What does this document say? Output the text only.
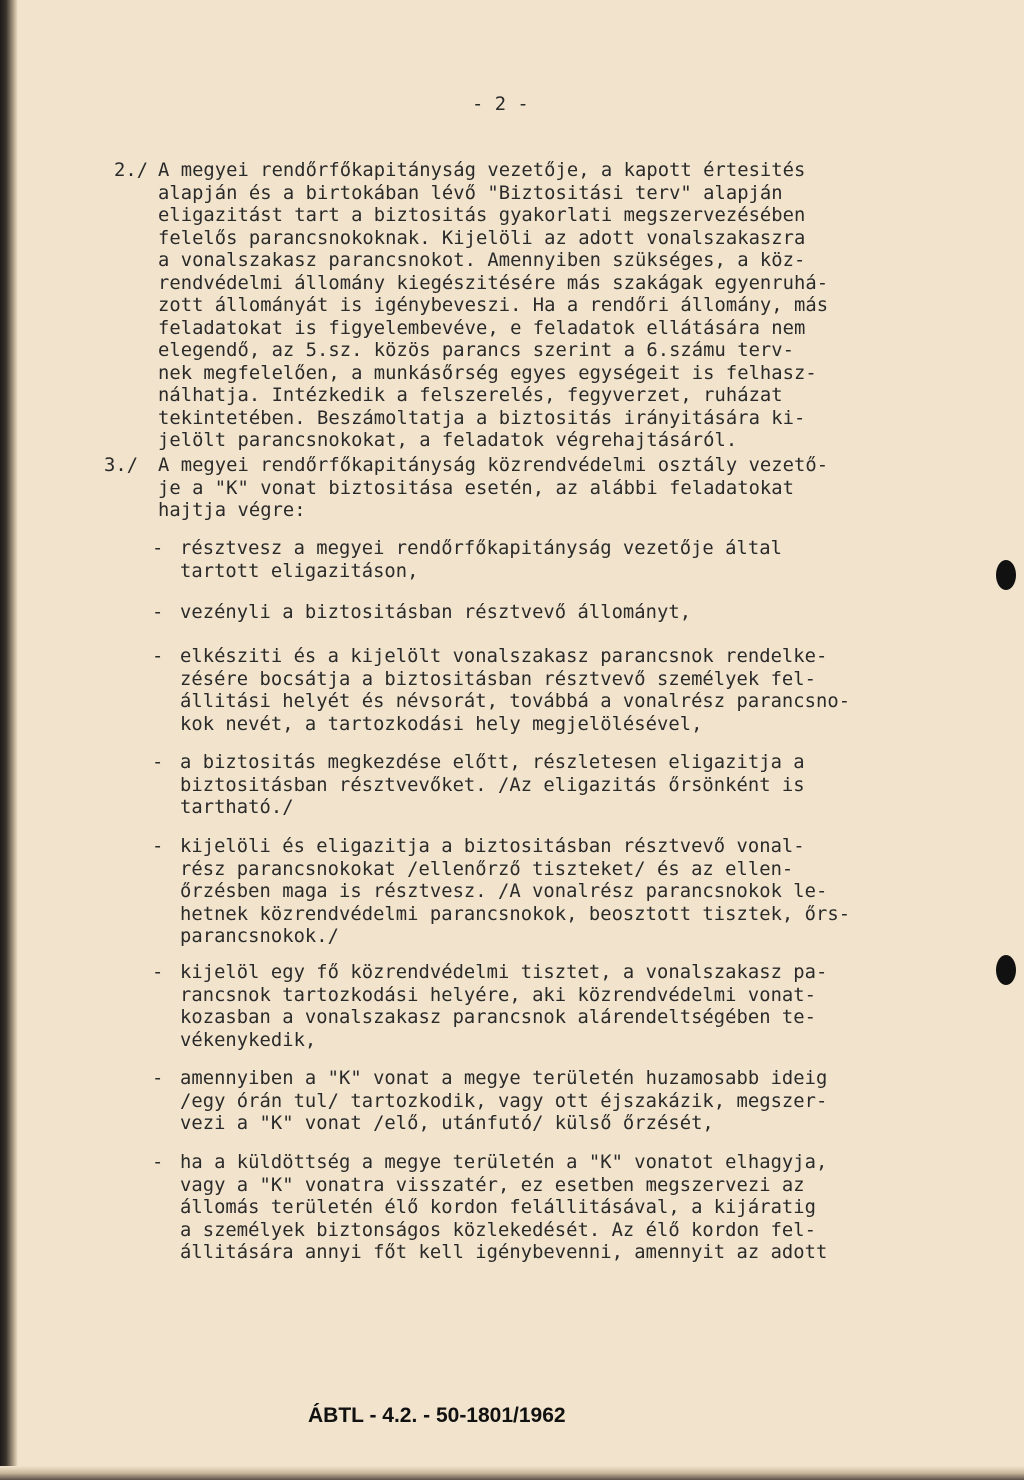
- 2 -
2./ A megyei rendőrfőkapitányság vezetője, a kapott értesités
alapján és a birtokában lévő "Biztositási terv" alapján
eligazitást tart a biztositás gyakorlati megszervezésében
felelős parancsnokoknak. Kijelöli az adott vonalszakaszra
a vonalszakasz parancsnokot. Amennyiben szükséges, a köz-
rendvédelmi állomány kiegészitésére más szakágak egyenruhá-
zott állományát is igénybeveszi. Ha a rendőri állomány, más
feladatokat is figyelembevéve, e feladatok ellátására nem
elegendő, az 5.sz. közös parancs szerint a 6.számu terv-
nek megfelelően, a munkásőrség egyes egységeit is felhasz-
nálhatja. Intézkedik a felszerelés, fegyverzet, ruházat
tekintetében. Beszámoltatja a biztositás irányitására ki-
jelölt parancsnokokat, a feladatok végrehajtásáról.
3./ A megyei rendőrfőkapitányság közrendvédelmi osztály vezető-
je a "K" vonat biztositása esetén, az alábbi feladatokat
hajtja végre:
- résztvesz a megyei rendőrfőkapitányság vezetője által
tartott eligazitáson,
- vezényli a biztositásban résztvevő állományt,
- elkésziti és a kijelölt vonalszakasz parancsnok rendelke-
zésére bocsátja a biztositásban résztvevő személyek fel-
állitási helyét és névsorát, továbbá a vonalrész parancsno-
kok nevét, a tartozkodási hely megjelölésével,
- a biztositás megkezdése előtt, részletesen eligazitja a
biztositásban résztvevőket. /Az eligazitás őrsönként is
tartható./
- kijelöli és eligazitja a biztositásban résztvevő vonal-
rész parancsnokokat /ellenőrző tiszteket/ és az ellen-
őrzésben maga is résztvesz. /A vonalrész parancsnokok le-
hetnek közrendvédelmi parancsnokok, beosztott tisztek, őrs-
parancsnokok./
- kijelöl egy fő közrendvédelmi tisztet, a vonalszakasz pa-
rancsnok tartozkodási helyére, aki közrendvédelmi vonat-
kozasban a vonalszakasz parancsnok alárendeltségében te-
vékenykedik,
- amennyiben a "K" vonat a megye területén huzamosabb ideig
/egy órán tul/ tartozkodik, vagy ott éjszakázik, megszer-
vezi a "K" vonat /elő, utánfutó/ külső őrzését,
- ha a küldöttség a megye területén a "K" vonatot elhagyja,
vagy a "K" vonatra visszatér, ez esetben megszervezi az
állomás területén élő kordon felállitásával, a kijáratig
a személyek biztonságos közlekedését. Az élő kordon fel-
állitására annyi főt kell igénybevenni, amennyit az adott
ÁBTL - 4.2. - 50-1801/1962
